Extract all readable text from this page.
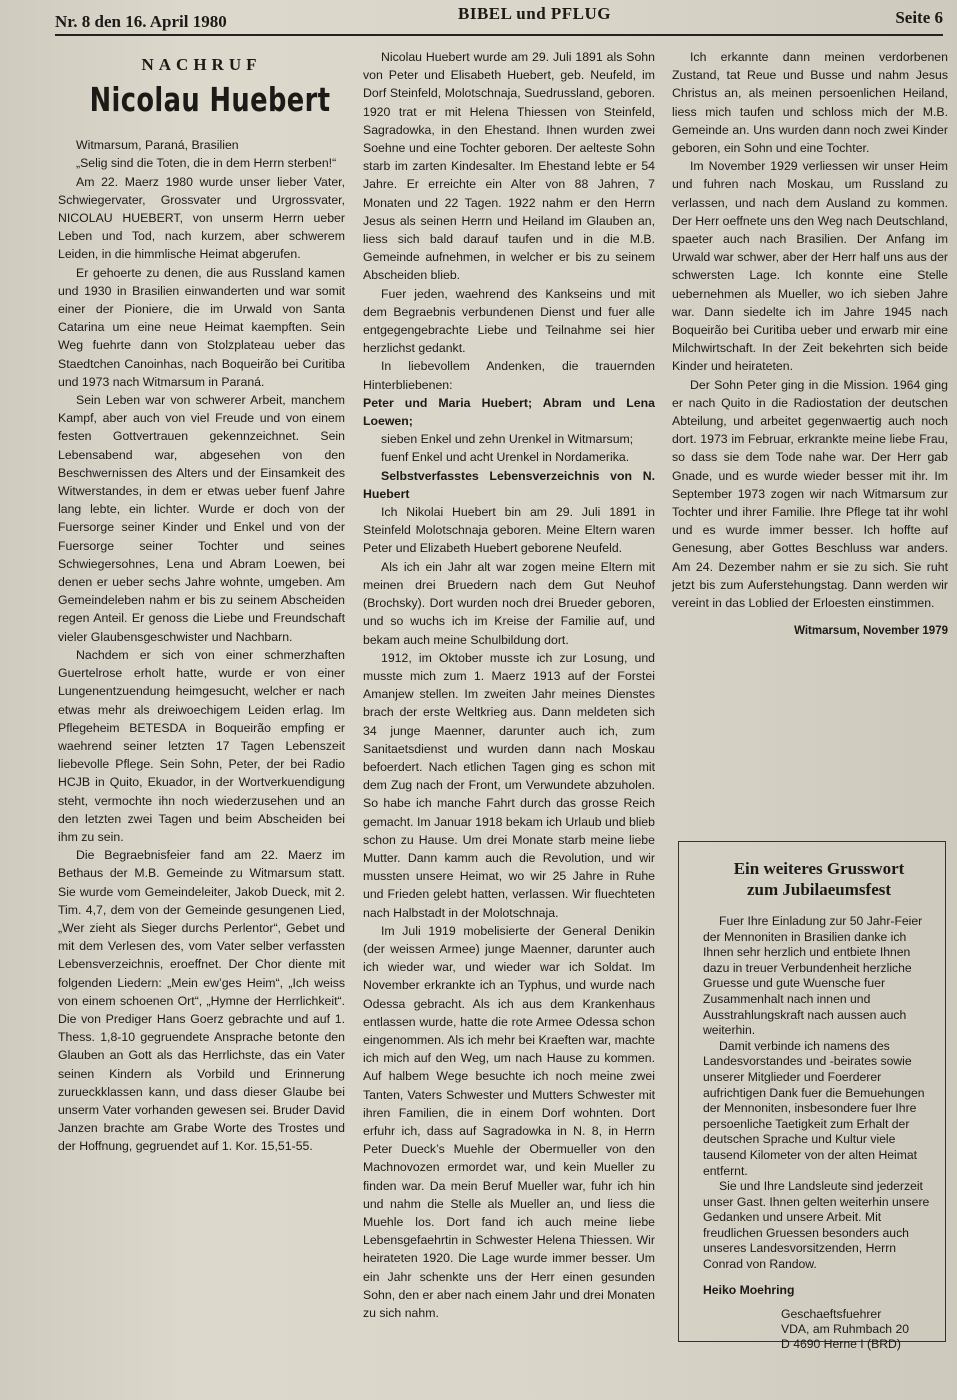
Nr. 8 den 16. April 1980	BIBEL und PFLUG	Seite 6
NACHRUF
Nicolau Huebert

Witmarsum, Paraná, Brasilien

„Selig sind die Toten, die in dem Herrn sterben!“

Am 22. Maerz 1980 wurde unser lieber Vater, Schwiegervater, Grossvater und Urgrossvater, NICOLAU HUEBERT, von unserm Herrn ueber Leben und Tod, nach kurzem, aber schwerem Leiden, in die himmlische Heimat abgerufen.

Er gehoerte zu denen, die aus Russland kamen und 1930 in Brasilien einwanderten und war somit einer der Pioniere, die im Urwald von Santa Catarina um eine neue Heimat kaempften. Sein Weg fuehrte dann von Stolzplateau ueber das Staedtchen Canoinhas, nach Boqueirão bei Curitiba und 1973 nach Witmarsum in Paraná.

Sein Leben war von schwerer Arbeit, manchem Kampf, aber auch von viel Freude und von einem festen Gottvertrauen gekennzeichnet. Sein Lebensabend war, abgesehen von den Beschwernissen des Alters und der Einsamkeit des Witwerstandes, in dem er etwas ueber fuenf Jahre lang lebte, ein lichter. Wurde er doch von der Fuersorge seiner Kinder und Enkel und von der Fuersorge seiner Tochter und seines Schwiegersohnes, Lena und Abram Loewen, bei denen er ueber sechs Jahre wohnte, umgeben. Am Gemeindeleben nahm er bis zu seinem Abscheiden regen Anteil. Er genoss die Liebe und Freundschaft vieler Glaubensgeschwister und Nachbarn.

Nachdem er sich von einer schmerzhaften Guertelrose erholt hatte, wurde er von einer Lungenentzuendung heimgesucht, welcher er nach etwas mehr als dreiwoechigem Leiden erlag. Im Pflegeheim BETESDA in Boqueirão empfing er waehrend seiner letzten 17 Tagen Lebenszeit liebevolle Pflege. Sein Sohn, Peter, der bei Radio HCJB in Quito, Ekuador, in der Wortverkuendigung steht, vermochte ihn noch wiederzusehen und an den letzten zwei Tagen und beim Abscheiden bei ihm zu sein.

Die Begraebnisfeier fand am 22. Maerz im Bethaus der M.B. Gemeinde zu Witmarsum statt. Sie wurde vom Gemeindeleiter, Jakob Dueck, mit 2. Tim. 4,7, dem von der Gemeinde gesungenen Lied, „Wer zieht als Sieger durchs Perlentor“, Gebet und mit dem Verlesen des, vom Vater selber verfassten Lebensverzeichnis, eroeffnet. Der Chor diente mit folgenden Liedern: „Mein ew’ges Heim“, „Ich weiss von einem schoenen Ort“, „Hymne der Herrlichkeit“. Die von Prediger Hans Goerz gebrachte und auf 1. Thess. 1,8-10 gegruendete Ansprache betonte den Glauben an Gott als das Herrlichste, das ein Vater seinen Kindern als Vorbild und Erinnerung zurueckklassen kann, und dass dieser Glaube bei unserm Vater vorhanden gewesen sei. Bruder David Janzen brachte am Grabe Worte des Trostes und der Hoffnung, gegruendet auf 1. Kor. 15,51-55.

Nicolau Huebert wurde am 29. Juli 1891 als Sohn von Peter und Elisabeth Huebert, geb. Neufeld, im Dorf Steinfeld, Molotschnaja, Suedrussland, geboren. 1920 trat er mit Helena Thiessen von Steinfeld, Sagradowka, in den Ehestand. Ihnen wurden zwei Soehne und eine Tochter geboren. Der aelteste Sohn starb im zarten Kindesalter. Im Ehestand lebte er 54 Jahre. Er erreichte ein Alter von 88 Jahren, 7 Monaten und 22 Tagen. 1922 nahm er den Herrn Jesus als seinen Herrn und Heiland im Glauben an, liess sich bald darauf taufen und in die M.B. Gemeinde aufnehmen, in welcher er bis zu seinem Abscheiden blieb.

Fuer jeden, waehrend des Kankseins und mit dem Begraebnis verbundenen Dienst und fuer alle entgegengebrachte Liebe und Teilnahme sei hier herzlichst gedankt.

In liebevollem Andenken, die trauernden Hinterbliebenen:

Peter und Maria Huebert; Abram und Lena Loewen;

sieben Enkel und zehn Urenkel in Witmarsum;

fuenf Enkel und acht Urenkel in Nordamerika.

Selbstverfasstes Lebensverzeichnis von N. Huebert

Ich Nikolai Huebert bin am 29. Juli 1891 in Steinfeld Molotschnaja geboren. Meine Eltern waren Peter und Elizabeth Huebert geborene Neufeld.

Als ich ein Jahr alt war zogen meine Eltern mit meinen drei Bruedern nach dem Gut Neuhof (Brochsky). Dort wurden noch drei Brueder geboren, und so wuchs ich im Kreise der Familie auf, und bekam auch meine Schulbildung dort.

1912, im Oktober musste ich zur Losung, und musste mich zum 1. Maerz 1913 auf der Forstei Amanjew stellen. Im zweiten Jahr meines Dienstes brach der erste Weltkrieg aus. Dann meldeten sich 34 junge Maenner, darunter auch ich, zum Sanitaetsdienst und wurden dann nach Moskau befoerdert. Nach etlichen Tagen ging es schon mit dem Zug nach der Front, um Verwundete abzuholen. So habe ich manche Fahrt durch das grosse Reich gemacht. Im Januar 1918 bekam ich Urlaub und blieb schon zu Hause. Um drei Monate starb meine liebe Mutter. Dann kamm auch die Revolution, und wir mussten unsere Heimat, wo wir 25 Jahre in Ruhe und Frieden gelebt hatten, verlassen. Wir fluechteten nach Halbstadt in der Molotschnaja.

Im Juli 1919 mobelisierte der General Denikin (der weissen Armee) junge Maenner, darunter auch ich wieder war, und wieder war ich Soldat. Im November erkrankte ich an Typhus, und wurde nach Odessa gebracht. Als ich aus dem Krankenhaus entlassen wurde, hatte die rote Armee Odessa schon eingenommen. Als ich mehr bei Kraeften war, machte ich mich auf den Weg, um nach Hause zu kommen. Auf halbem Wege besuchte ich noch meine zwei Tanten, Vaters Schwester und Mutters Schwester mit ihren Familien, die in einem Dorf wohnten. Dort erfuhr ich, dass auf Sagradowka in N. 8, in Herrn Peter Dueck’s Muehle der Obermueller von den Machnovozen ermordet war, und kein Mueller zu finden war. Da mein Beruf Mueller war, fuhr ich hin und nahm die Stelle als Mueller an, und liess die Muehle los. Dort fand ich auch meine liebe Lebensgefaehrtin in Schwester Helena Thiessen. Wir heirateten 1920. Die Lage wurde immer besser. Um ein Jahr schenkte uns der Herr einen gesunden Sohn, den er aber nach einem Jahr und drei Monaten zu sich nahm.

Ich erkannte dann meinen verdorbenen Zustand, tat Reue und Busse und nahm Jesus Christus an, als meinen persoenlichen Heiland, liess mich taufen und schloss mich der M.B. Gemeinde an. Uns wurden dann noch zwei Kinder geboren, ein Sohn und eine Tochter.

Im November 1929 verliessen wir unser Heim und fuhren nach Moskau, um Russland zu verlassen, und nach dem Ausland zu kommen. Der Herr oeffnete uns den Weg nach Deutschland, spaeter auch nach Brasilien. Der Anfang im Urwald war schwer, aber der Herr half uns aus der schwersten Lage. Ich konnte eine Stelle uebernehmen als Mueller, wo ich sieben Jahre war. Dann siedelte ich im Jahre 1945 nach Boqueirão bei Curitiba ueber und erwarb mir eine Milchwirtschaft. In der Zeit bekehrten sich beide Kinder und heirateten.

Der Sohn Peter ging in die Mission. 1964 ging er nach Quito in die Radiostation der deutschen Abteilung, und arbeitet gegenwaertig auch noch dort. 1973 im Februar, erkrankte meine liebe Frau, so dass sie dem Tode nahe war. Der Herr gab Gnade, und es wurde wieder besser mit ihr. Im September 1973 zogen wir nach Witmarsum zur Tochter und ihrer Familie. Ihre Pflege tat ihr wohl und es wurde immer besser. Ich hoffte auf Genesung, aber Gottes Beschluss war anders. Am 24. Dezember nahm er sie zu sich. Sie ruht jetzt bis zum Auferstehungstag. Dann werden wir vereint in das Loblied der Erloesten einstimmen.

Witmarsum, November 1979

Ein weiteres Grusswort
zum Jubilaeumsfest

Fuer Ihre Einladung zur 50 Jahr-Feier der Mennoniten in Brasilien danke ich Ihnen sehr herzlich und entbiete Ihnen dazu in treuer Verbundenheit herzliche Gruesse und gute Wuensche fuer Zusammenhalt nach innen und Ausstrahlungskraft nach aussen auch weiterhin.

Damit verbinde ich namens des Landesvorstandes und -beirates sowie unserer Mitglieder und Foerderer aufrichtigen Dank fuer die Bemuehungen der Mennoniten, insbesondere fuer Ihre persoenliche Taetigkeit zum Erhalt der deutschen Sprache und Kultur viele tausend Kilometer von der alten Heimat entfernt.

Sie und Ihre Landsleute sind jederzeit unser Gast. Ihnen gelten weiterhin unsere Gedanken und unsere Arbeit. Mit freudlichen Gruessen besonders auch unseres Landesvorsitzenden, Herrn Conrad von Randow.

Heiko Moehring

Geschaeftsfuehrer
VDA, am Ruhmbach 20
D 4690 Herne I (BRD)
